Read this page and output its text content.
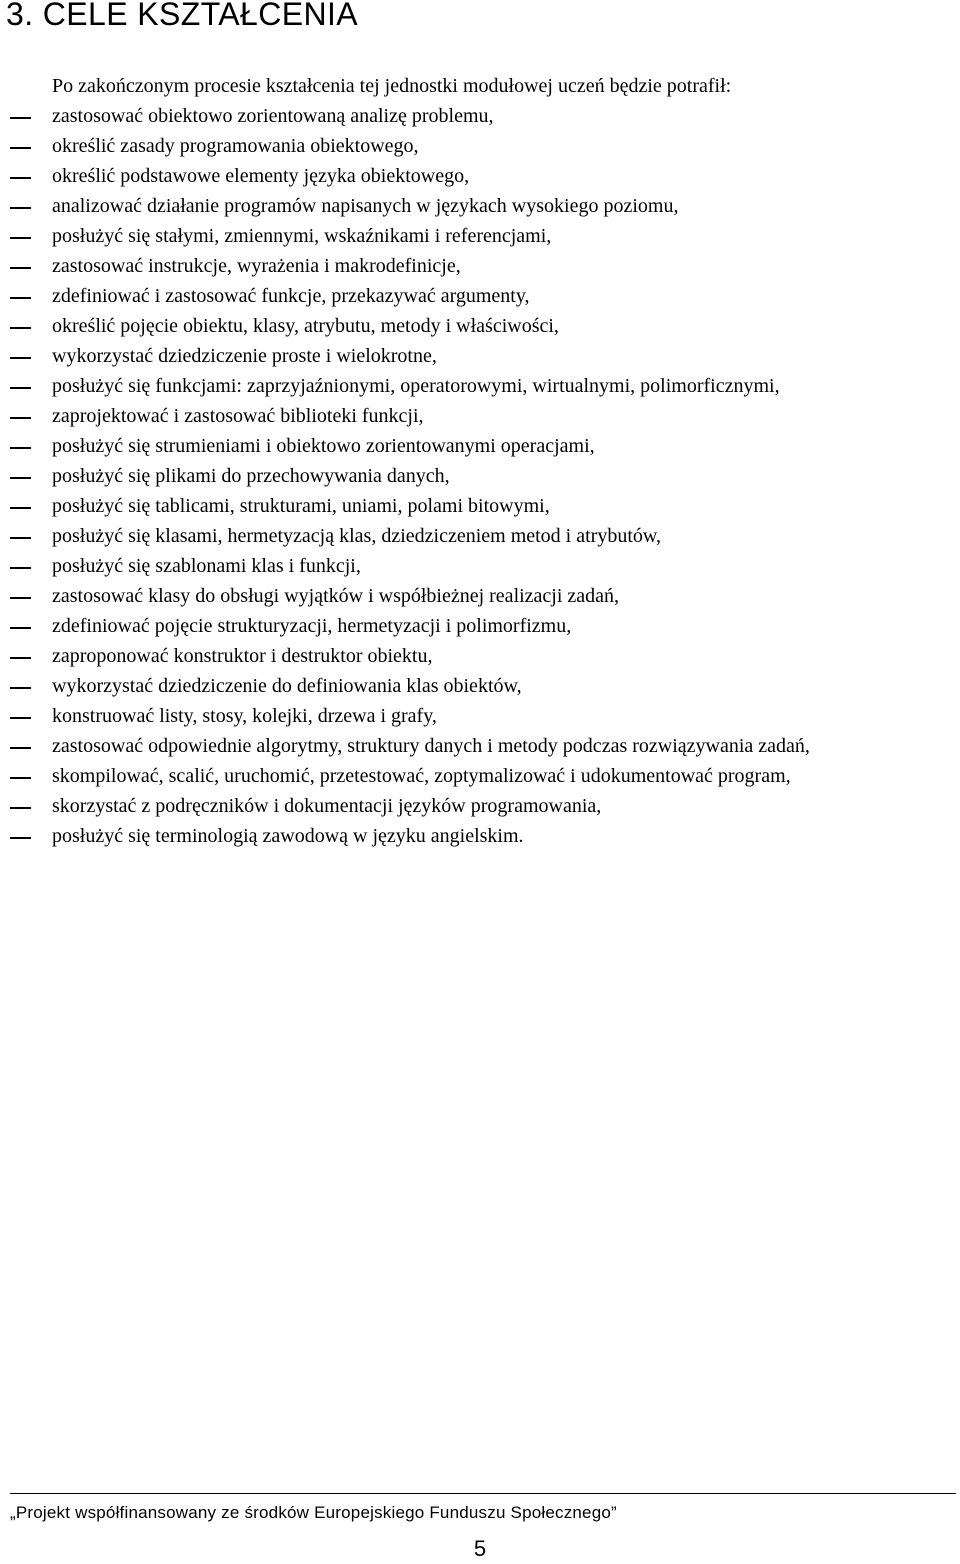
3. CELE KSZTAŁCENIA

Po zakończonym procesie kształcenia tej jednostki modułowej uczeń będzie potrafił:

zastosować obiektowo zorientowaną analizę problemu,
określić zasady programowania obiektowego,
określić podstawowe elementy języka obiektowego,
analizować działanie programów napisanych w językach wysokiego poziomu,
posłużyć się stałymi, zmiennymi, wskaźnikami i referencjami,
zastosować instrukcje, wyrażenia i makrodefinicje,
zdefiniować i zastosować funkcje, przekazywać argumenty,
określić pojęcie obiektu, klasy, atrybutu, metody i właściwości,
wykorzystać dziedziczenie proste i wielokrotne,
posłużyć się funkcjami: zaprzyjaźnionymi, operatorowymi, wirtualnymi, polimorficznymi,
zaprojektować i zastosować biblioteki funkcji,
posłużyć się strumieniami i obiektowo zorientowanymi operacjami,
posłużyć się plikami do przechowywania danych,
posłużyć się tablicami, strukturami, uniami, polami bitowymi,
posłużyć się klasami, hermetyzacją klas, dziedziczeniem metod i atrybutów,
posłużyć się szablonami klas i funkcji,
zastosować klasy do obsługi wyjątków i współbieżnej realizacji zadań,
zdefiniować pojęcie strukturyzacji, hermetyzacji i polimorfizmu,
zaproponować konstruktor i destruktor obiektu,
wykorzystać dziedziczenie do definiowania klas obiektów,
konstruować listy, stosy, kolejki, drzewa i grafy,
zastosować odpowiednie algorytmy, struktury danych i metody podczas rozwiązywania zadań,
skompilować, scalić, uruchomić, przetestować, zoptymalizować i udokumentować program,
skorzystać z podręczników i dokumentacji języków programowania,
posłużyć się terminologią zawodową w języku angielskim.

„Projekt współfinansowany ze środków Europejskiego Funduszu Społecznego”

5
